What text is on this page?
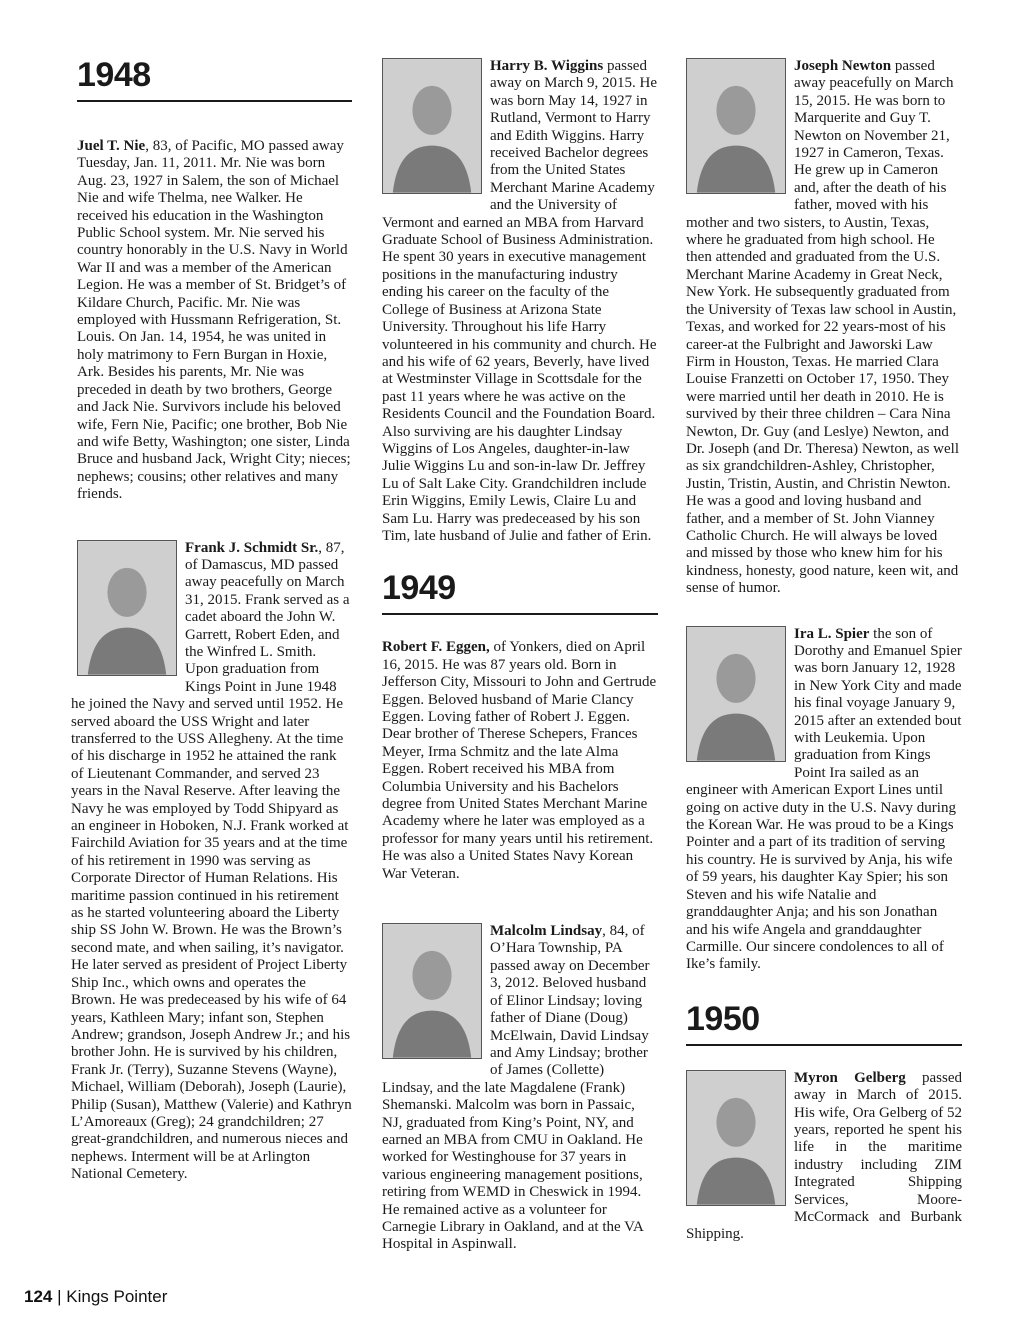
1948

Juel T. Nie, 83, of Pacific, MO passed away Tuesday, Jan. 11, 2011. Mr. Nie was born Aug. 23, 1927 in Salem, the son of Michael Nie and wife Thelma, nee Walker. He received his education in the Washington Public School system. Mr. Nie served his country honorably in the U.S. Navy in World War II and was a member of the American Legion. He was a member of St. Bridget’s of Kildare Church, Pacific. Mr. Nie was employed with Hussmann Refrigeration, St. Louis. On Jan. 14, 1954, he was united in holy matrimony to Fern Burgan in Hoxie, Ark. Besides his parents, Mr. Nie was preceded in death by two brothers, George and Jack Nie. Survivors include his beloved wife, Fern Nie, Pacific; one brother, Bob Nie and wife Betty, Washington; one sister, Linda Bruce and husband Jack, Wright City; nieces; nephews; cousins; other relatives and many friends.

Frank J. Schmidt Sr., 87, of Damascus, MD passed away peacefully on March 31, 2015. Frank served as a cadet aboard the John W. Garrett, Robert Eden, and the Winfred L. Smith. Upon graduation from Kings Point in June 1948 he joined the Navy and served until 1952. He served aboard the USS Wright and later transferred to the USS Allegheny. At the time of his discharge in 1952 he attained the rank of Lieutenant Commander, and served 23 years in the Naval Reserve. After leaving the Navy he was employed by Todd Shipyard as an engineer in Hoboken, N.J. Frank worked at Fairchild Aviation for 35 years and at the time of his retirement in 1990 was serving as Corporate Director of Human Relations. His maritime passion continued in his retirement as he started volunteering aboard the Liberty ship SS John W. Brown. He was the Brown’s second mate, and when sailing, it’s navigator. He later served as president of Project Liberty Ship Inc., which owns and operates the Brown. He was predeceased by his wife of 64 years, Kathleen Mary; infant son, Stephen Andrew; grandson, Joseph Andrew Jr.; and his brother John. He is survived by his children, Frank Jr. (Terry), Suzanne Stevens (Wayne), Michael, William (Deborah), Joseph (Laurie), Philip (Susan), Matthew (Valerie) and Kathryn L’Amoreaux (Greg); 24 grandchildren; 27 great-grandchildren, and numerous nieces and nephews. Interment will be at Arlington National Cemetery.

Harry B. Wiggins passed away on March 9, 2015. He was born May 14, 1927 in Rutland, Vermont to Harry and Edith Wiggins. Harry received Bachelor degrees from the United States Merchant Marine Academy and the University of Vermont and earned an MBA from Harvard Graduate School of Business Administration. He spent 30 years in executive management positions in the manufacturing industry ending his career on the faculty of the College of Business at Arizona State University. Throughout his life Harry volunteered in his community and church. He and his wife of 62 years, Beverly, have lived at Westminster Village in Scottsdale for the past 11 years where he was active on the Residents Council and the Foundation Board. Also surviving are his daughter Lindsay Wiggins of Los Angeles, daughter-in-law Julie Wiggins Lu and son-in-law Dr. Jeffrey Lu of Salt Lake City. Grandchildren include Erin Wiggins, Emily Lewis, Claire Lu and Sam Lu. Harry was predeceased by his son Tim, late husband of Julie and father of Erin.

1949

Robert F. Eggen, of Yonkers, died on April 16, 2015. He was 87 years old. Born in Jefferson City, Missouri to John and Gertrude Eggen. Beloved husband of Marie Clancy Eggen. Loving father of Robert J. Eggen. Dear brother of Therese Schepers, Frances Meyer, Irma Schmitz and the late Alma Eggen. Robert received his MBA from Columbia University and his Bachelors degree from United States Merchant Marine Academy where he later was employed as a professor for many years until his retirement. He was also a United States Navy Korean War Veteran.

Malcolm Lindsay, 84, of O’Hara Township, PA passed away on December 3, 2012. Beloved husband of Elinor Lindsay; loving father of Diane (Doug) McElwain, David Lindsay and Amy Lindsay; brother of James (Collette) Lindsay, and the late Magdalene (Frank) Shemanski. Malcolm was born in Passaic, NJ, graduated from King’s Point, NY, and earned an MBA from CMU in Oakland. He worked for Westinghouse for 37 years in various engineering management positions, retiring from WEMD in Cheswick in 1994. He remained active as a volunteer for Carnegie Library in Oakland, and at the VA Hospital in Aspinwall.

Joseph Newton passed away peacefully on March 15, 2015. He was born to Marquerite and Guy T. Newton on November 21, 1927 in Cameron, Texas. He grew up in Cameron and, after the death of his father, moved with his mother and two sisters, to Austin, Texas, where he graduated from high school. He then attended and graduated from the U.S. Merchant Marine Academy in Great Neck, New York. He subsequently graduated from the University of Texas law school in Austin, Texas, and worked for 22 years-most of his career-at the Fulbright and Jaworski Law Firm in Houston, Texas. He married Clara Louise Franzetti on October 17, 1950. They were married until her death in 2010. He is survived by their three children – Cara Nina Newton, Dr. Guy (and Leslye) Newton, and Dr. Joseph (and Dr. Theresa) Newton, as well as six grandchildren-Ashley, Christopher, Justin, Tristin, Austin, and Christin Newton. He was a good and loving husband and father, and a member of St. John Vianney Catholic Church. He will always be loved and missed by those who knew him for his kindness, honesty, good nature, keen wit, and sense of humor.

Ira L. Spier the son of Dorothy and Emanuel Spier was born January 12, 1928 in New York City and made his final voyage January 9, 2015 after an extended bout with Leukemia. Upon graduation from Kings Point Ira sailed as an engineer with American Export Lines until going on active duty in the U.S. Navy during the Korean War. He was proud to be a Kings Pointer and a part of its tradition of serving his country. He is survived by Anja, his wife of 59 years, his daughter Kay Spier; his son Steven and his wife Natalie and granddaughter Anja; and his son Jonathan and his wife Angela and granddaughter Carmille. Our sincere condolences to all of Ike’s family.

1950

Myron Gelberg passed away in March of 2015. His wife, Ora Gelberg of 52 years, reported he spent his life in the maritime industry including ZIM Integrated Shipping Services, Moore-McCormack and Burbank Shipping.

124 | Kings Pointer
